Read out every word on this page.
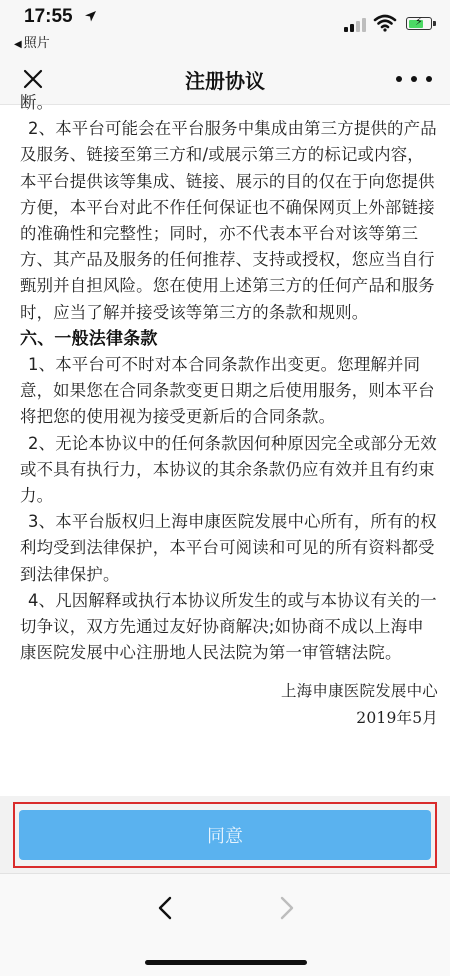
17:55
◀ 照片
⚡
注册协议

断。

2、本平台可能会在平台服务中集成由第三方提供的产品及服务、链接至第三方和/或展示第三方的标记或内容，本平台提供该等集成、链接、展示的目的仅在于向您提供方便，本平台对此不作任何保证也不确保网页上外部链接的准确性和完整性；同时，亦不代表本平台对该等第三方、其产品及服务的任何推荐、支持或授权，您应当自行甄别并自担风险。您在使用上述第三方的任何产品和服务时，应当了解并接受该等第三方的条款和规则。

六、一般法律条款

1、本平台可不时对本合同条款作出变更。您理解并同意，如果您在合同条款变更日期之后使用服务，则本平台将把您的使用视为接受更新后的合同条款。

2、无论本协议中的任何条款因何种原因完全或部分无效或不具有执行力，本协议的其余条款仍应有效并且有约束力。

3、本平台版权归上海申康医院发展中心所有，所有的权利均受到法律保护，本平台可阅读和可见的所有资料都受到法律保护。

4、凡因解释或执行本协议所发生的或与本协议有关的一切争议，双方先通过友好协商解决;如协商不成以上海申康医院发展中心注册地人民法院为第一审管辖法院。

上海申康医院发展中心
2019年5月
同意
